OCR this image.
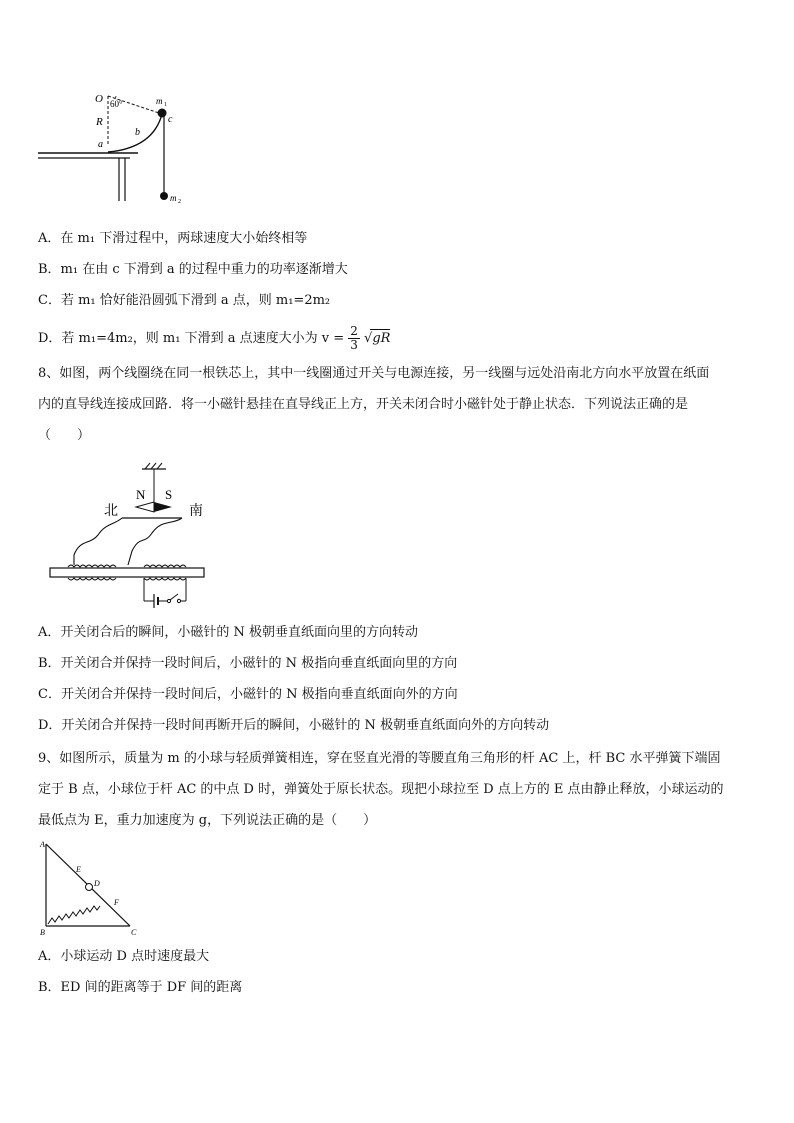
O 60°
R
a
b
c
m 1
m 2
A．在 m₁ 下滑过程中，两球速度大小始终相等
B．m₁ 在由 c 下滑到 a 的过程中重力的功率逐渐增大
C．若 m₁ 恰好能沿圆弧下滑到 a 点，则 m₁=2m₂
D．若 m₁=4m₂，则 m₁ 下滑到 a 点速度大小为 $v = \frac{2}{3} √gR$
8、如图，两个线圈绕在同一根铁芯上，其中一线圈通过开关与电源连接，另一线圈与远处沿南北方向水平放置在纸面
内的直导线连接成回路．将一小磁针悬挂在直导线正上方，开关未闭合时小磁针处于静止状态．下列说法正确的是
（　　）
N S
北	南
A．开关闭合后的瞬间，小磁针的 N 极朝垂直纸面向里的方向转动
B．开关闭合并保持一段时间后，小磁针的 N 极指向垂直纸面向里的方向
C．开关闭合并保持一段时间后，小磁针的 N 极指向垂直纸面向外的方向
D．开关闭合并保持一段时间再断开后的瞬间，小磁针的 N 极朝垂直纸面向外的方向转动
9、如图所示，质量为 m 的小球与轻质弹簧相连，穿在竖直光滑的等腰直角三角形的杆 AC 上，杆 BC 水平弹簧下端固
定于 B 点，小球位于杆 AC 的中点 D 时，弹簧处于原长状态。现把小球拉至 D 点上方的 E 点由静止释放，小球运动的
最低点为 E，重力加速度为 g，下列说法正确的是（　　）
A
B	C
D
E
F
A．小球运动 D 点时速度最大
B．ED 间的距离等于 DF 间的距离
